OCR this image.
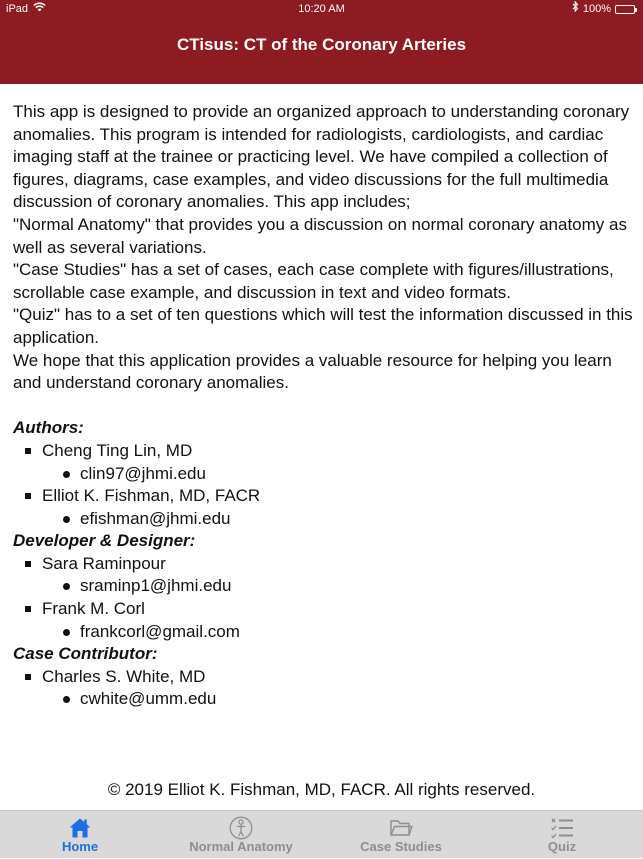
iPad	10:20 AM	100%
CTisus: CT of the Coronary Arteries

This app is designed to provide an organized approach to understanding coronary anomalies. This program is intended for radiologists, cardiologists, and cardiac imaging staff at the trainee or practicing level. We have compiled a collection of figures, diagrams, case examples, and video discussions for the full multimedia discussion of coronary anomalies. This app includes;

"Normal Anatomy" that provides you a discussion on normal coronary anatomy as well as several variations.

"Case Studies" has a set of cases, each case complete with figures/illustrations, scrollable case example, and discussion in text and video formats.

"Quiz" has to a set of ten questions which will test the information discussed in this application.

We hope that this application provides a valuable resource for helping you learn and understand coronary anomalies.

Authors:
Cheng Ting Lin, MD
clin97@jhmi.edu
Elliot K. Fishman, MD, FACR
efishman@jhmi.edu
Developer & Designer:
Sara Raminpour
sraminp1@jhmi.edu
Frank M. Corl
frankcorl@gmail.com
Case Contributor:
Charles S. White, MD
cwhite@umm.edu
© 2019 Elliot K. Fishman, MD, FACR. All rights reserved.
Home	Normal Anatomy	Case Studies	Quiz
